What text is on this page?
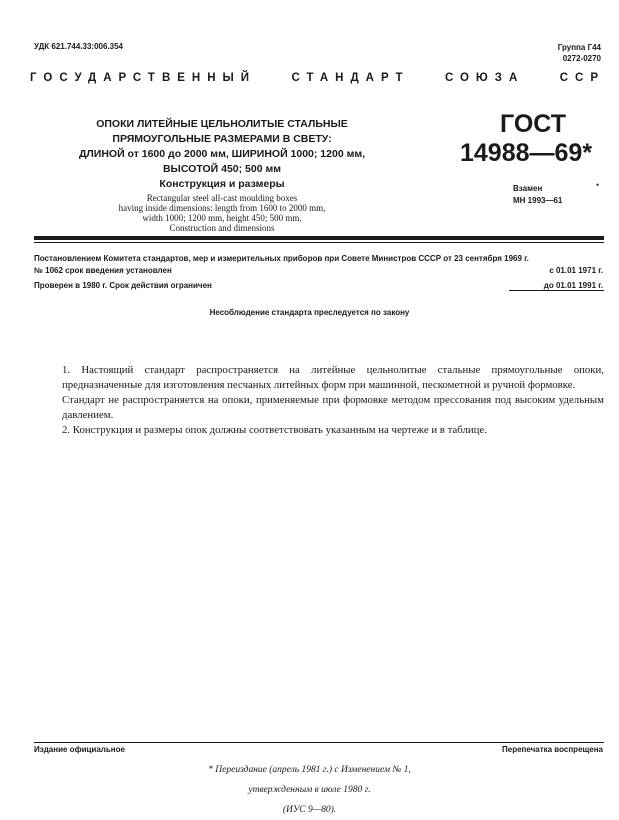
УДК 621.744.33:006.354	Группа Г44
0272-0270
ГОСУДАРСТВЕННЫЙ	СТАНДАРТ	СОЮЗА	ССР
ОПОКИ ЛИТЕЙНЫЕ ЦЕЛЬНОЛИТЫЕ СТАЛЬНЫЕ
ПРЯМОУГОЛЬНЫЕ РАЗМЕРАМИ В СВЕТУ:
ДЛИНОЙ от 1600 до 2000 мм, ШИРИНОЙ 1000; 1200 мм,
ВЫСОТОЙ 450; 500 мм
Конструкция и размеры
Rectangular steel all-cast moulding boxes
having inside dimensions: length from 1600 to 2000 mm,
width 1000; 1200 mm, height 450; 500 mm.
Construction and dimensions
ГОСТ
14988—69*
Взамен
МН 1993—61
•
Постановлением Комитета стандартов, мер и измерительных приборов при Совете Министров СССР от 23 сентября 1969 г.
№ 1062 срок введения установлен	с 01.01 1971 г.
Проверен в 1980 г. Срок действия ограничен	до 01.01 1991 г.
Несоблюдение стандарта преследуется по закону

1. Настоящий стандарт распространяется на литейные цельнолитые стальные прямоугольные опоки, предназначенные для изготовления песчаных литейных форм при машинной, пескометной и ручной формовке.

Стандарт не распространяется на опоки, применяемые при формовке методом прессования под высоким удельным давлением.

2. Конструкция и размеры опок должны соответствовать указанным на чертеже и в таблице.

Издание официальное	Перепечатка воспрещена
* Переиздание (апрель 1981 г.) с Изменением № 1,
утвержденным в июле 1980 г.
(ИУС 9—80).
